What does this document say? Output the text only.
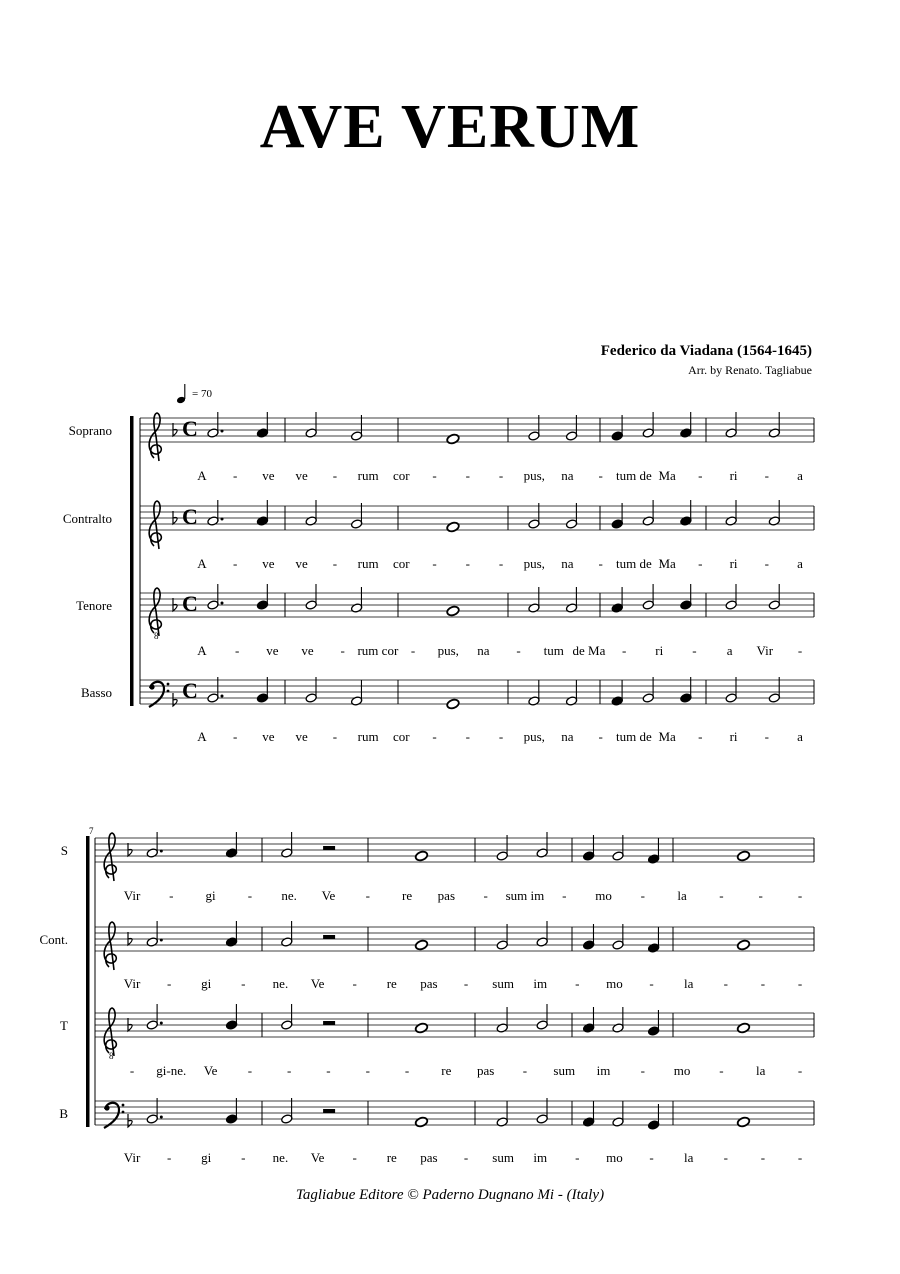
AVE VERUM
Federico da Viadana (1564-1645)
Arr. by Renato. Tagliabue
= 70
C
C
8
C
C
8
Soprano
A - ve ve - rum cor - - - pus, na - tum de Ma - ri - a
Contralto
A - ve ve - rum cor - - - pus, na - tum de Ma - ri - a
Tenore
A - ve ve - rum cor - pus, na - tum de Ma - ri - a Vir -
Basso
A - ve ve - rum cor - - - pus, na - tum de Ma - ri - a
7
S
Vir - gi - ne. Ve - re pas - sum im - mo - la -	-	-
Cont.
Vir - gi - ne. Ve - re pas - sum im - mo - la -	-	-
T
- gi-ne. Ve -	-	-	-	- re pas - sum im - mo - la -
B
Vir - gi - ne. Ve - re pas - sum im - mo - la -	-	-
Tagliabue Editore © Paderno Dugnano Mi - (Italy)
